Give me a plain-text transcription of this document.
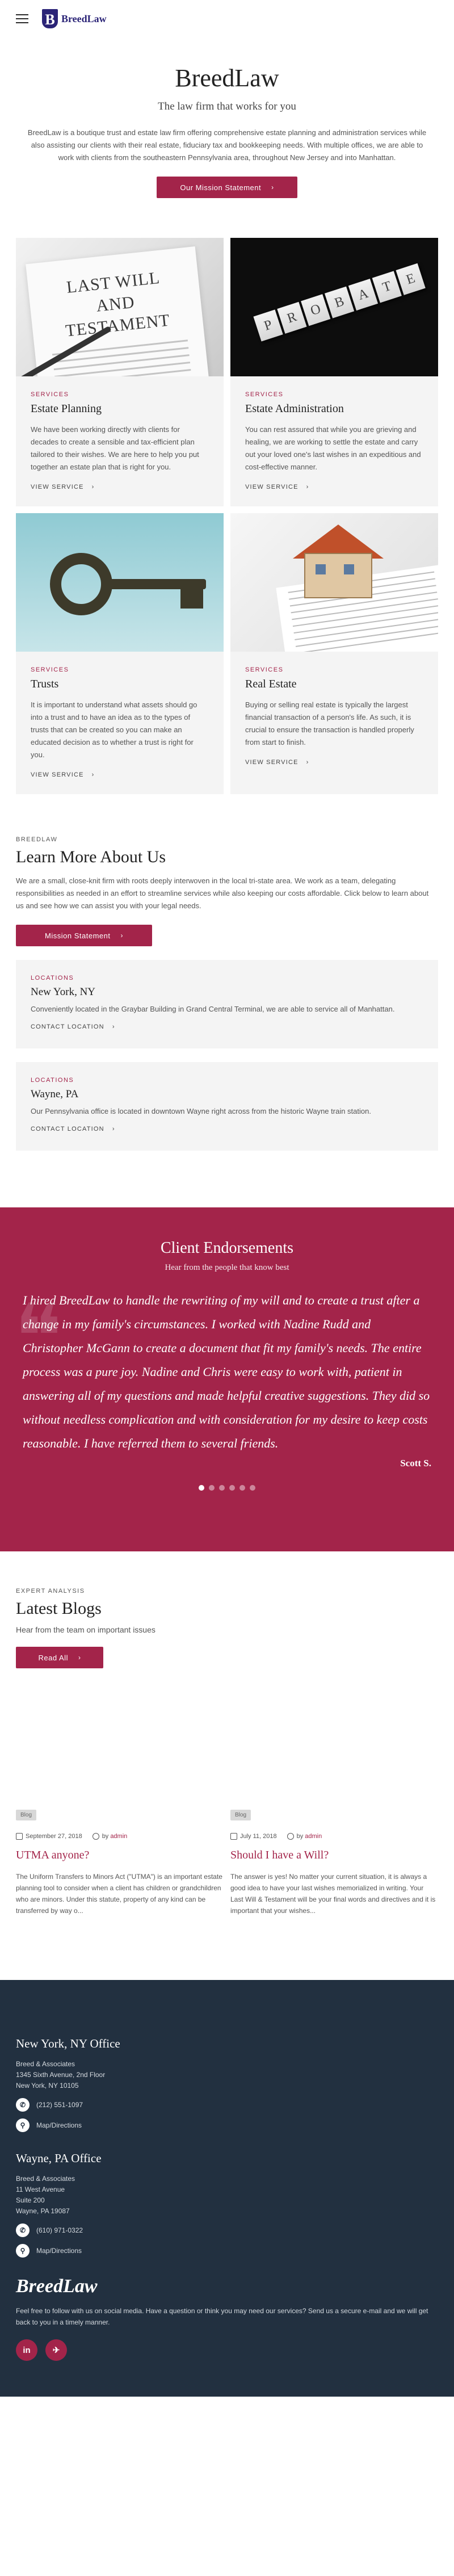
B BreedLaw
BreedLaw
The law firm that works for you

BreedLaw is a boutique trust and estate law firm offering comprehensive estate planning and administration services while also assisting our clients with their real estate, fiduciary tax and bookkeeping needs. With multiple offices, we are able to work with clients from the southeastern Pennsylvania area, throughout New Jersey and into Manhattan.

Our Mission Statement ›
LAST WILL AND TESTAMENT
SERVICES
Estate Planning

We have been working directly with clients for decades to create a sensible and tax-efficient plan tailored to their wishes. We are here to help you put together an estate plan that is right for you.

VIEW SERVICE ›
P R O B A T E
SERVICES
Estate Administration

You can rest assured that while you are grieving and healing, we are working to settle the estate and carry out your loved one's last wishes in an expeditious and cost-effective manner.

VIEW SERVICE ›
SERVICES
Trusts

It is important to understand what assets should go into a trust and to have an idea as to the types of trusts that can be created so you can make an educated decision as to whether a trust is right for you.

VIEW SERVICE ›
SERVICES
Real Estate

Buying or selling real estate is typically the largest financial transaction of a person's life. As such, it is crucial to ensure the transaction is handled properly from start to finish.

VIEW SERVICE ›
BREEDLAW
Learn More About Us

We are a small, close-knit firm with roots deeply interwoven in the local tri-state area. We work as a team, delegating responsibilities as needed in an effort to streamline services while also keeping our costs affordable. Click below to learn about us and see how we can assist you with your legal needs.

Mission Statement ›
LOCATIONS
New York, NY

Conveniently located in the Graybar Building in Grand Central Terminal, we are able to service all of Manhattan.

CONTACT LOCATION ›
LOCATIONS
Wayne, PA

Our Pennsylvania office is located in downtown Wayne right across from the historic Wayne train station.

CONTACT LOCATION ›
❝
Client Endorsements
Hear from the people that know best

I hired BreedLaw to handle the rewriting of my will and to create a trust after a change in my family's circumstances. I worked with Nadine Rudd and Christopher McGann to create a document that fit my family's needs. The entire process was a pure joy. Nadine and Chris were easy to work with, patient in answering all of my questions and made helpful creative suggestions. They did so without needless complication and with consideration for my desire to keep costs reasonable. I have referred them to several friends.

Scott S.
EXPERT ANALYSIS
Latest Blogs

Hear from the team on important issues

Read All ›
Blog
September 27, 2018	by admin
UTMA anyone?

The Uniform Transfers to Minors Act ("UTMA") is an important estate planning tool to consider when a client has children or grandchildren who are minors. Under this statute, property of any kind can be transferred by way o...

Blog
July 11, 2018	by admin
Should I have a Will?

The answer is yes! No matter your current situation, it is always a good idea to have your last wishes memorialized in writing. Your Last Will & Testament will be your final words and directives and it is important that your wishes...

New York, NY Office
Breed & Associates
1345 Sixth Avenue, 2nd Floor
New York, NY 10105
✆	(212) 551-1097
⚲	Map/Directions
Wayne, PA Office
Breed & Associates
11 West Avenue
Suite 200
Wayne, PA 19087
✆	(610) 971-0322
⚲	Map/Directions
BreedLaw

Feel free to follow with us on social media. Have a question or think you may need our services? Send us a secure e-mail and we will get back to you in a timely manner.

in	✈
